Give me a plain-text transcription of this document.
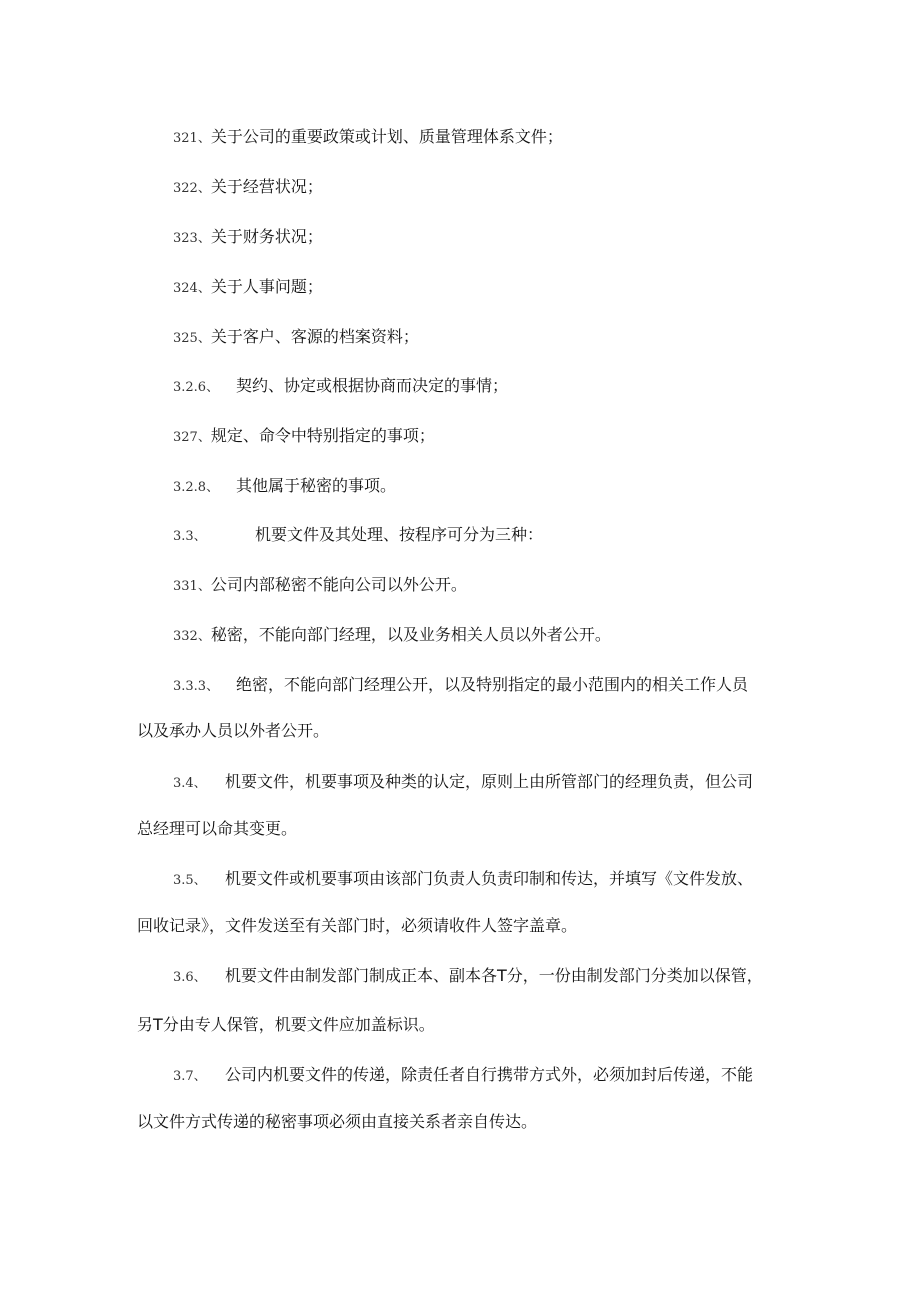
321、关于公司的重要政策或计划、质量管理体系文件；
322、关于经营状况；
323、关于财务状况；
324、关于人事问题；
325、关于客户、客源的档案资料；
3.2.6、 契约、协定或根据协商而决定的事情；
327、规定、命令中特别指定的事项；
3.2.8、 其他属于秘密的事项。
3.3、	机要文件及其处理、按程序可分为三种：
331、公司内部秘密不能向公司以外公开。
332、秘密，不能向部门经理，以及业务相关人员以外者公开。
3.3.3、 绝密，不能向部门经理公开，以及特别指定的最小范围内的相关工作人员
以及承办人员以外者公开。
3.4、 机要文件，机要事项及种类的认定，原则上由所管部门的经理负责，但公司
总经理可以命其变更。
3.5、 机要文件或机要事项由该部门负责人负责印制和传达，并填写《文件发放、
回收记录》，文件发送至有关部门时，必须请收件人签字盖章。
3.6、 机要文件由制发部门制成正本、副本各T分，一份由制发部门分类加以保管，
另T分由专人保管，机要文件应加盖标识。
3.7、 公司内机要文件的传递，除责任者自行携带方式外，必须加封后传递，不能
以文件方式传递的秘密事项必须由直接关系者亲自传达。
